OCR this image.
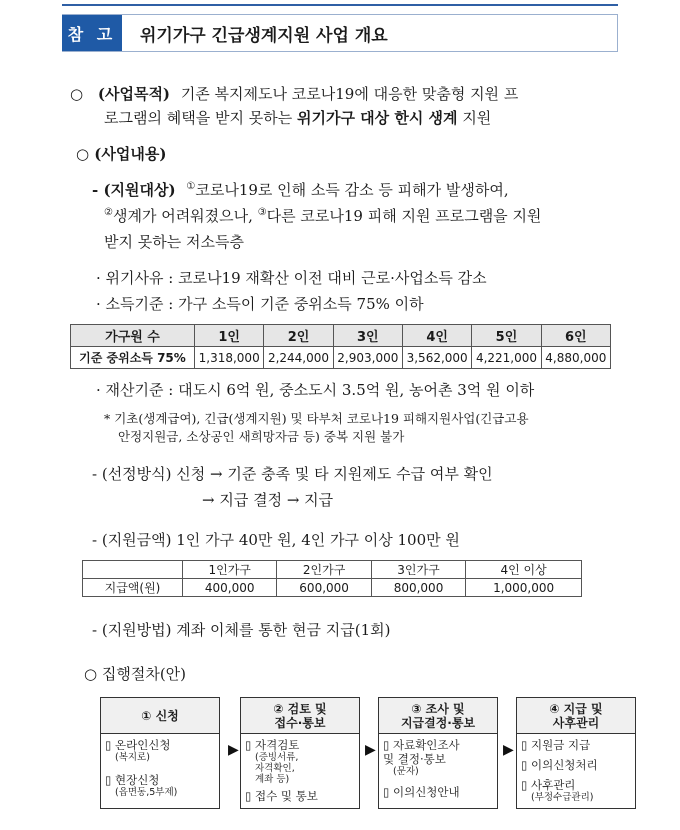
참 고	위기가구 긴급생계지원 사업 개요
○ (사업목적) 기존 복지제도나 코로나19에 대응한 맞춤형 지원 프
로그램의 혜택을 받지 못하는 위기가구 대상 한시 생계 지원
○ (사업내용)
- (지원대상) ①코로나19로 인해 소득 감소 등 피해가 발생하여,
②생계가 어려워졌으나, ③다른 코로나19 피해 지원 프로그램을 지원
받지 못하는 저소득층
· 위기사유 : 코로나19 재확산 이전 대비 근로·사업소득 감소
· 소득기준 : 가구 소득이 기준 중위소득 75% 이하
가구원 수	1인	2인	3인	4인	5인	6인
기준 중위소득 75%	1,318,000	2,244,000	2,903,000	3,562,000	4,221,000	4,880,000
· 재산기준 : 대도시 6억 원, 중소도시 3.5억 원, 농어촌 3억 원 이하
* 기초(생계급여), 긴급(생계지원) 및 타부처 코로나19 피해지원사업(긴급고용
안정지원금, 소상공인 새희망자금 등) 중복 지원 불가
- (선정방식) 신청 → 기준 충족 및 타 지원제도 수급 여부 확인
→ 지급 결정 → 지급
- (지원금액) 1인 가구 40만 원, 4인 가구 이상 100만 원
	1인가구	2인가구	3인가구	4인 이상
지급액(원)	400,000	600,000	800,000	1,000,000
- (지원방법) 계좌 이체를 통한 현금 지급(1회)
○ 집행절차(안)
① 신청
▯ 온라인신청
(복지로)
▯ 현장신청
(읍면동,5부제)
▶
② 검토 및
접수·통보
▯ 자격검토
(증빙서류,
자격확인,
계좌 등)
▯ 접수 및 통보
▶
③ 조사 및
지급결정·통보
▯ 자료확인조사
및 결정·통보
(문자)
▯ 이의신청안내
▶
④ 지급 및
사후관리
▯ 지원금 지급
▯ 이의신청처리
▯ 사후관리
(부정수급관리)
